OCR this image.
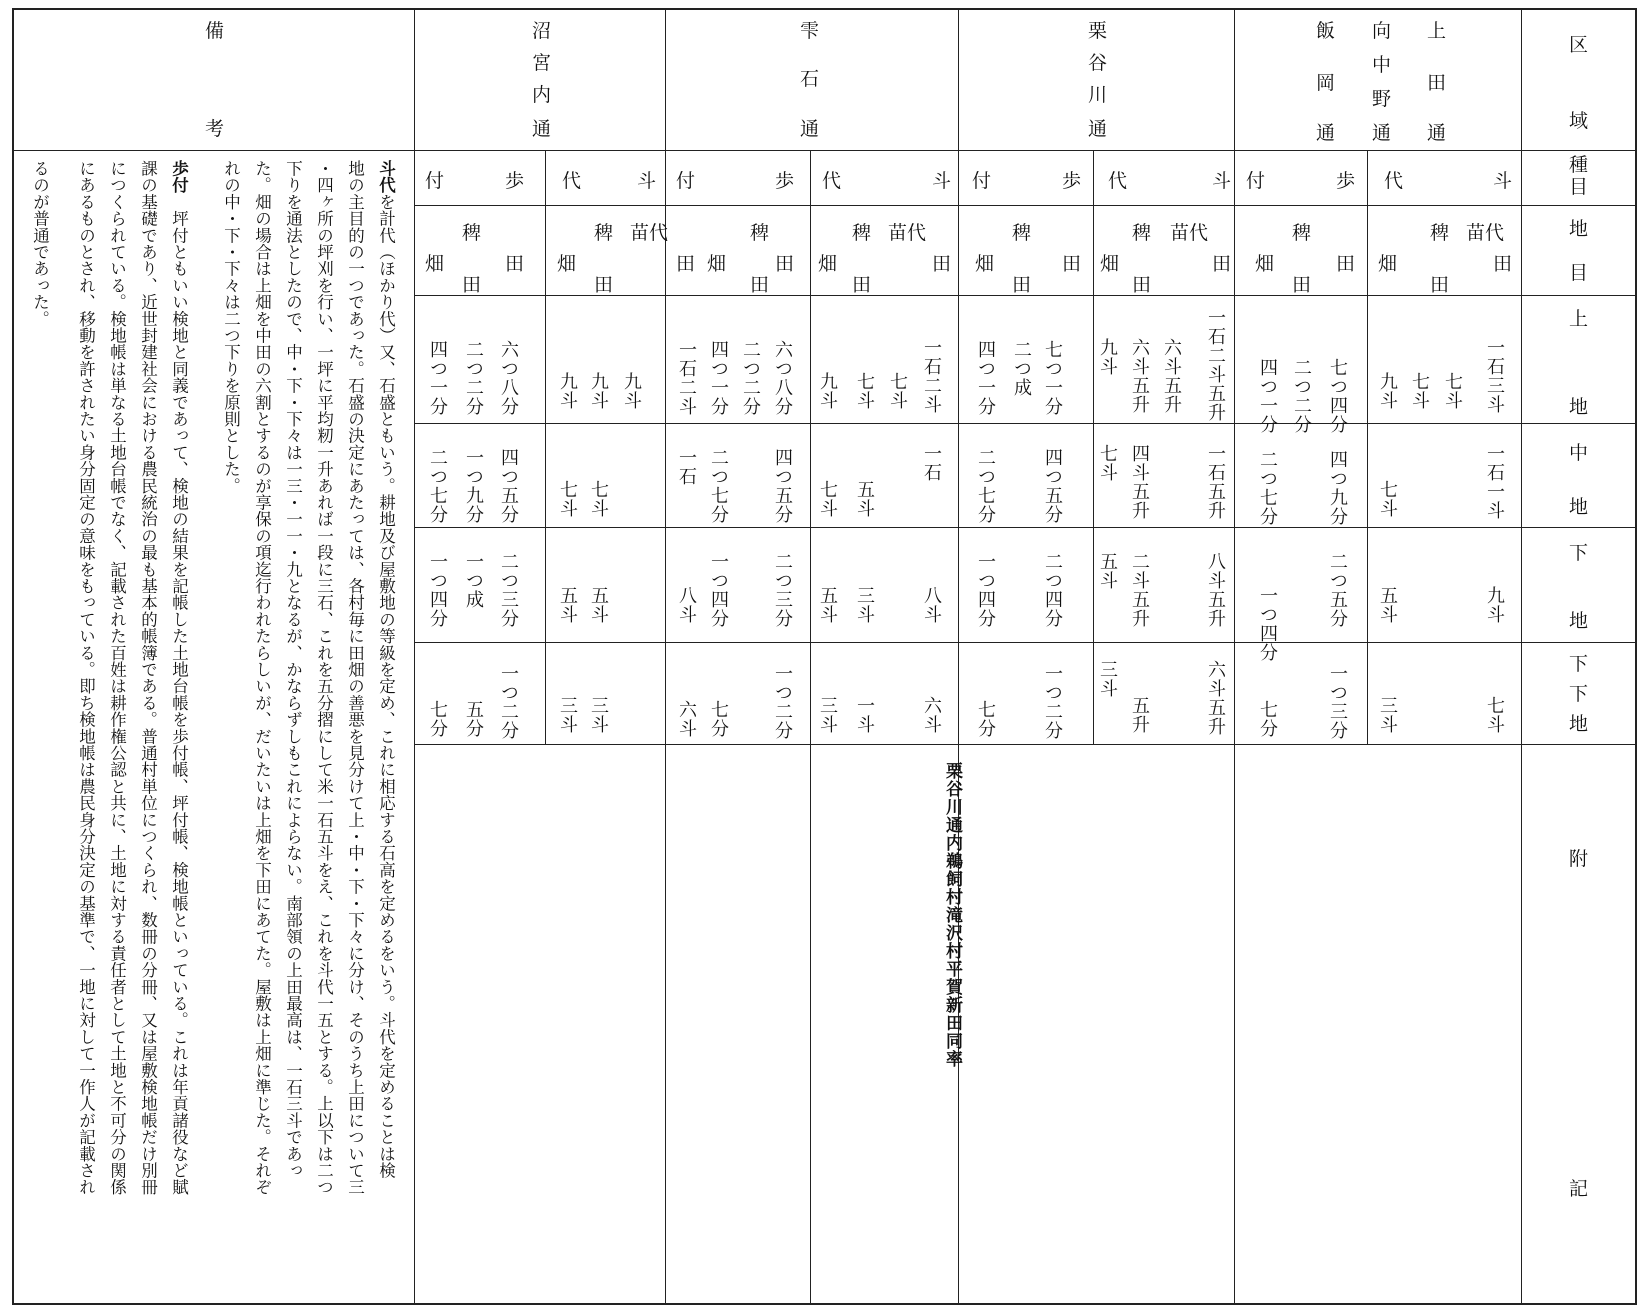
備
考
沼
宮
内
通
雫
石
通
栗
谷
川
通
飯
岡
通
向
中
野
通
上
田
通
区
域
種
目
地
目
上
地
中
地
下
地
下
下
地
附
記
斗
代
歩
付
斗
代
歩
付
斗
代
歩
付
斗
代
歩
付
田
苗代
稗
田
畑
田
稗
田
畑
田
苗代
稗
田
畑
田
稗
田
畑
田
苗代
稗
田
畑
田
稗
田
畑
田
苗代
稗
田
畑
田
稗
田
畑
一石三斗
七斗
七斗
九斗
一石一斗
七斗
九斗
五斗
七斗
三斗
七つ四分
二つ二分
四つ一分
四つ九分
二つ七分
二つ五分
一つ四分
一つ三分
七分
一石二斗五升
六斗五升
六斗五升
九斗
一石五升
四斗五升
七斗
八斗五升
二斗五升
五斗
六斗五升
五升
三斗
七つ一分
二つ成
四つ一分
四つ五分
二つ七分
二つ四分
一つ四分
一つ二分
七分
一石二斗
七斗
七斗
九斗
一石
五斗
七斗
八斗
三斗
五斗
六斗
一斗
三斗
六つ八分
二つ二分
四つ一分
一石二斗
四つ五分
二つ七分
一石
二つ三分
一つ四分
八斗
一つ二分
七分
六斗
九斗
九斗
九斗
七斗
七斗
五斗
五斗
三斗
三斗
六つ八分
二つ二分
四つ一分
四つ五分
一つ九分
二つ七分
二つ三分
一つ成
一つ四分
一つ二分
五分
七分
栗谷川通内鵜飼村滝沢村平賀新田同率
斗代を計代（ほかり代）又、石盛ともいう。耕地及び屋敷地の等級を定め、これに相応する石高を定めるをいう。斗代を定めることは検
地の主目的の一つであった。石盛の決定にあたっては、各村毎に田畑の善悪を見分けて上・中・下・下々に分け、そのうち上田について三
・四ヶ所の坪刈を行い、一坪に平均籾一升あれば一段に三石、これを五分摺にして米一石五斗をえ、これを斗代一五とする。上以下は二つ
下りを通法としたので、中・下・下々は一三・一一・九となるが、かならずしもこれによらない。南部領の上田最高は、一石三斗であっ
た。畑の場合は上畑を中田の六割とするのが享保の項迄行われたらしいが、だいたいは上畑を下田にあてた。屋敷は上畑に準じた。それぞ
れの中・下・下々は二つ下りを原則とした。
歩付　坪付ともいい検地と同義であって、検地の結果を記帳した土地台帳を歩付帳、坪付帳、検地帳といっている。これは年貢諸役など賦
課の基礎であり、近世封建社会における農民統治の最も基本的帳簿である。普通村単位につくられ、数冊の分冊、又は屋敷検地帳だけ別冊
につくられている。検地帳は単なる土地台帳でなく、記載された百姓は耕作権公認と共に、土地に対する責任者として土地と不可分の関係
にあるものとされ、移動を許されたい身分固定の意味をもっている。即ち検地帳は農民身分決定の基準で、一地に対して一作人が記載され
るのが普通であった。
